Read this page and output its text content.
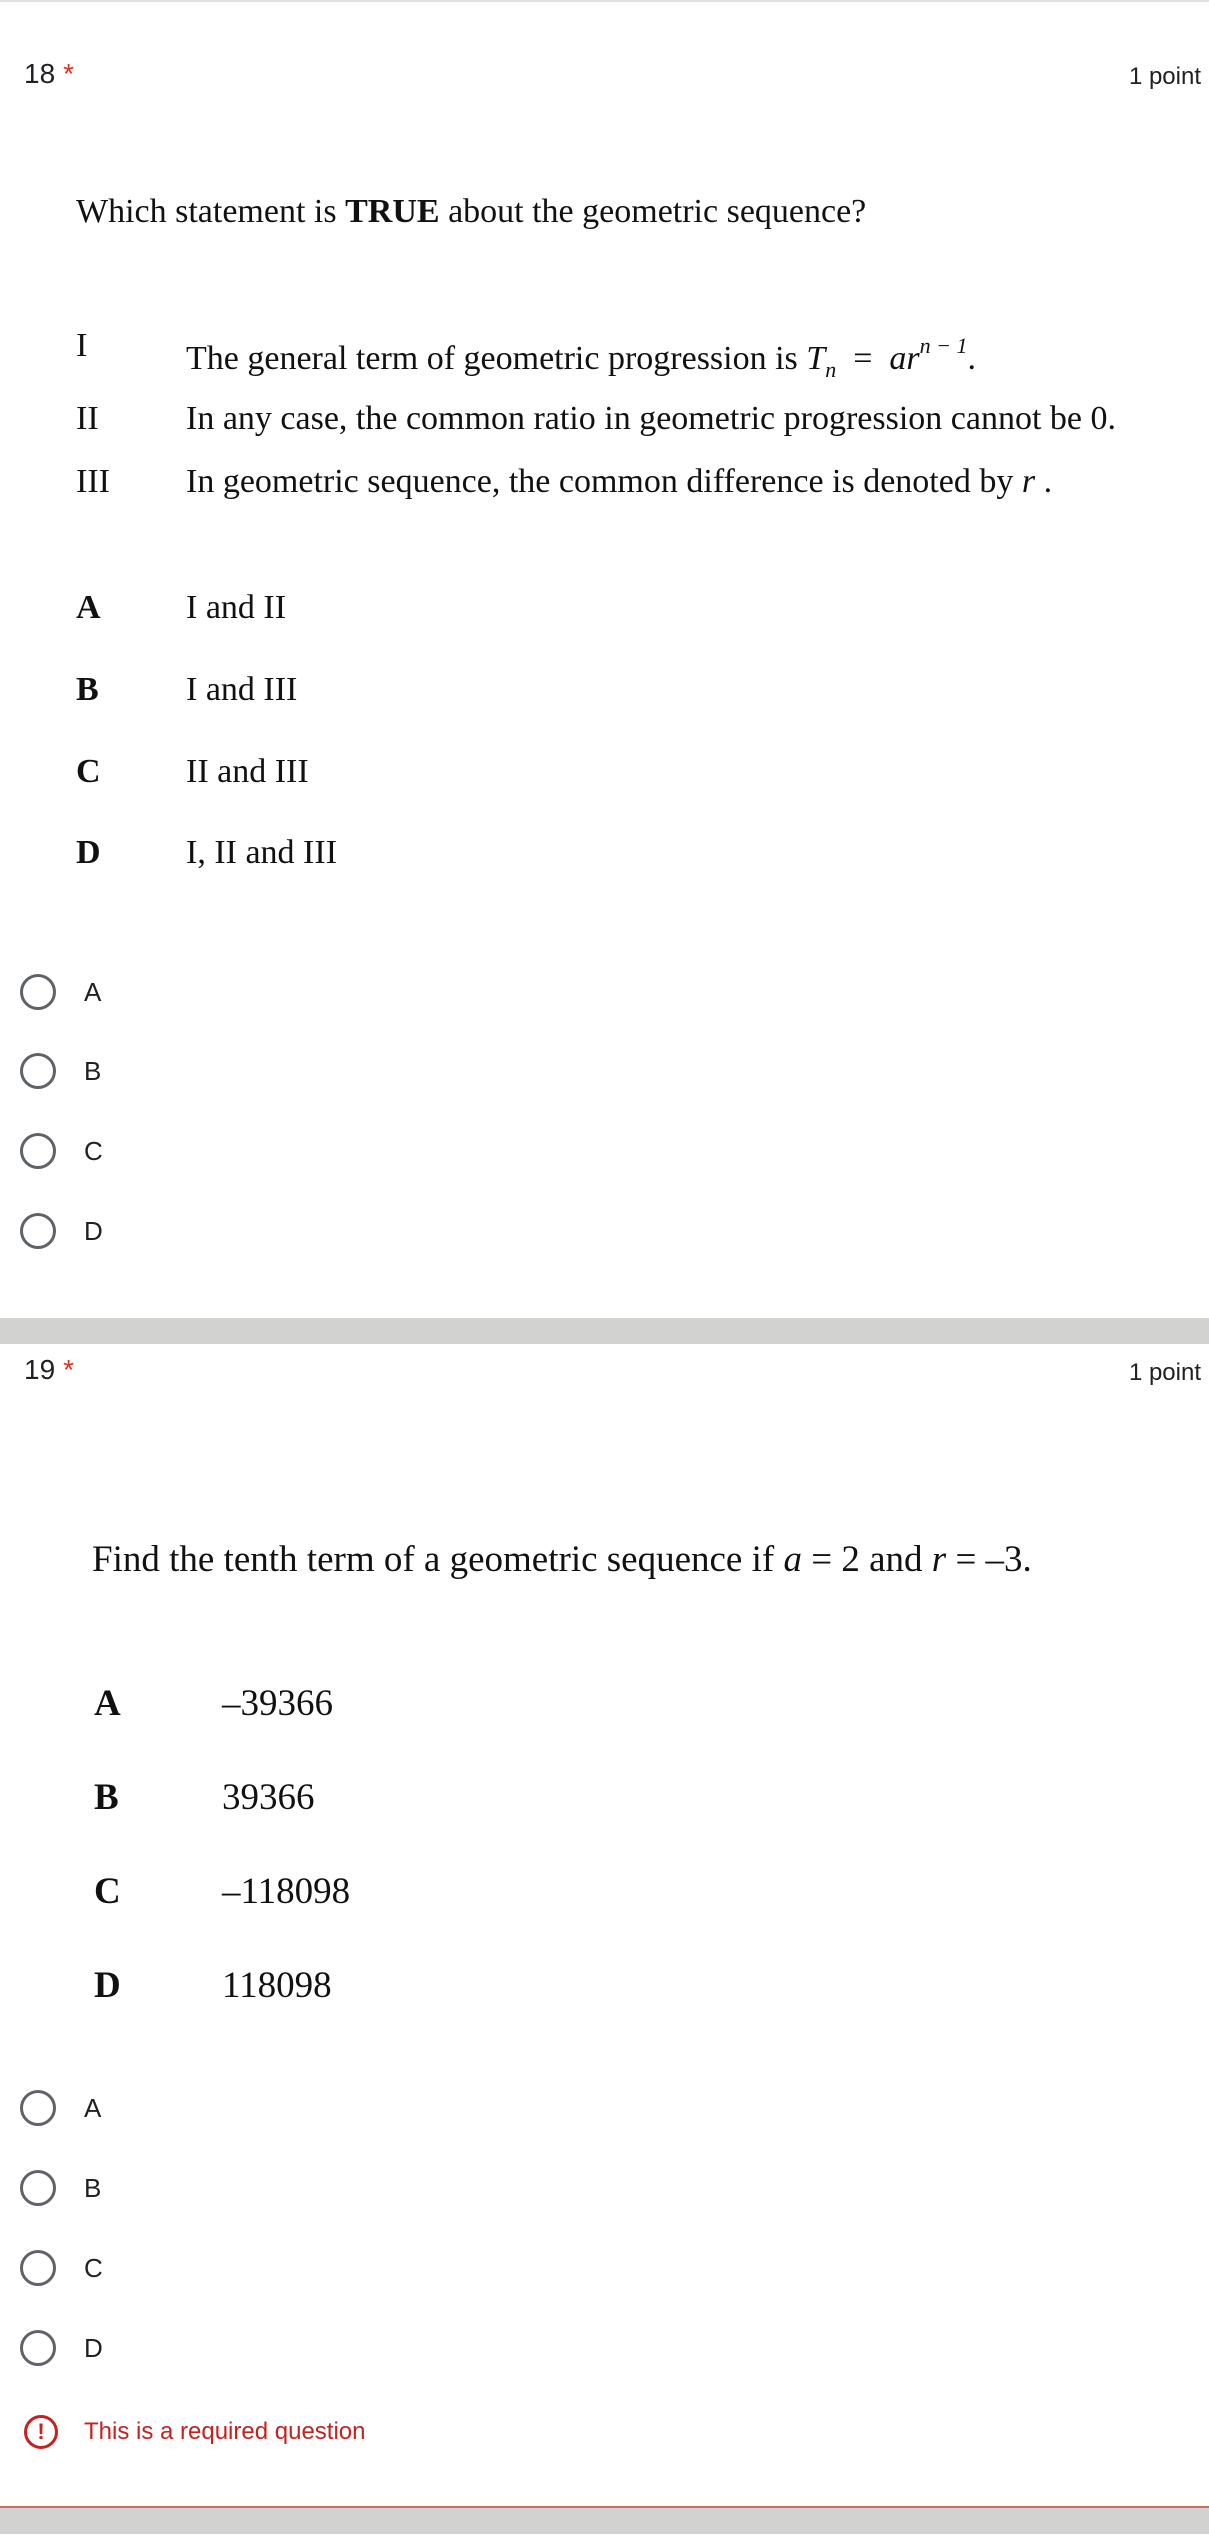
18 *	1 point
Which statement is TRUE about the geometric sequence?
I	The general term of geometric progression is $T_n = ar^{n - 1}$.
II	In any case, the common ratio in geometric progression cannot be 0.
III In geometric sequence, the common difference is denoted by r .
A	I and II
B	I and III
C	II and III
D	I, II and III
A
B
C
D
19 *	1 point
Find the tenth term of a geometric sequence if a = 2 and r = –3.
A	–39366
B	39366
C	–118098
D	118098
A
B
C
D
!	This is a required question
